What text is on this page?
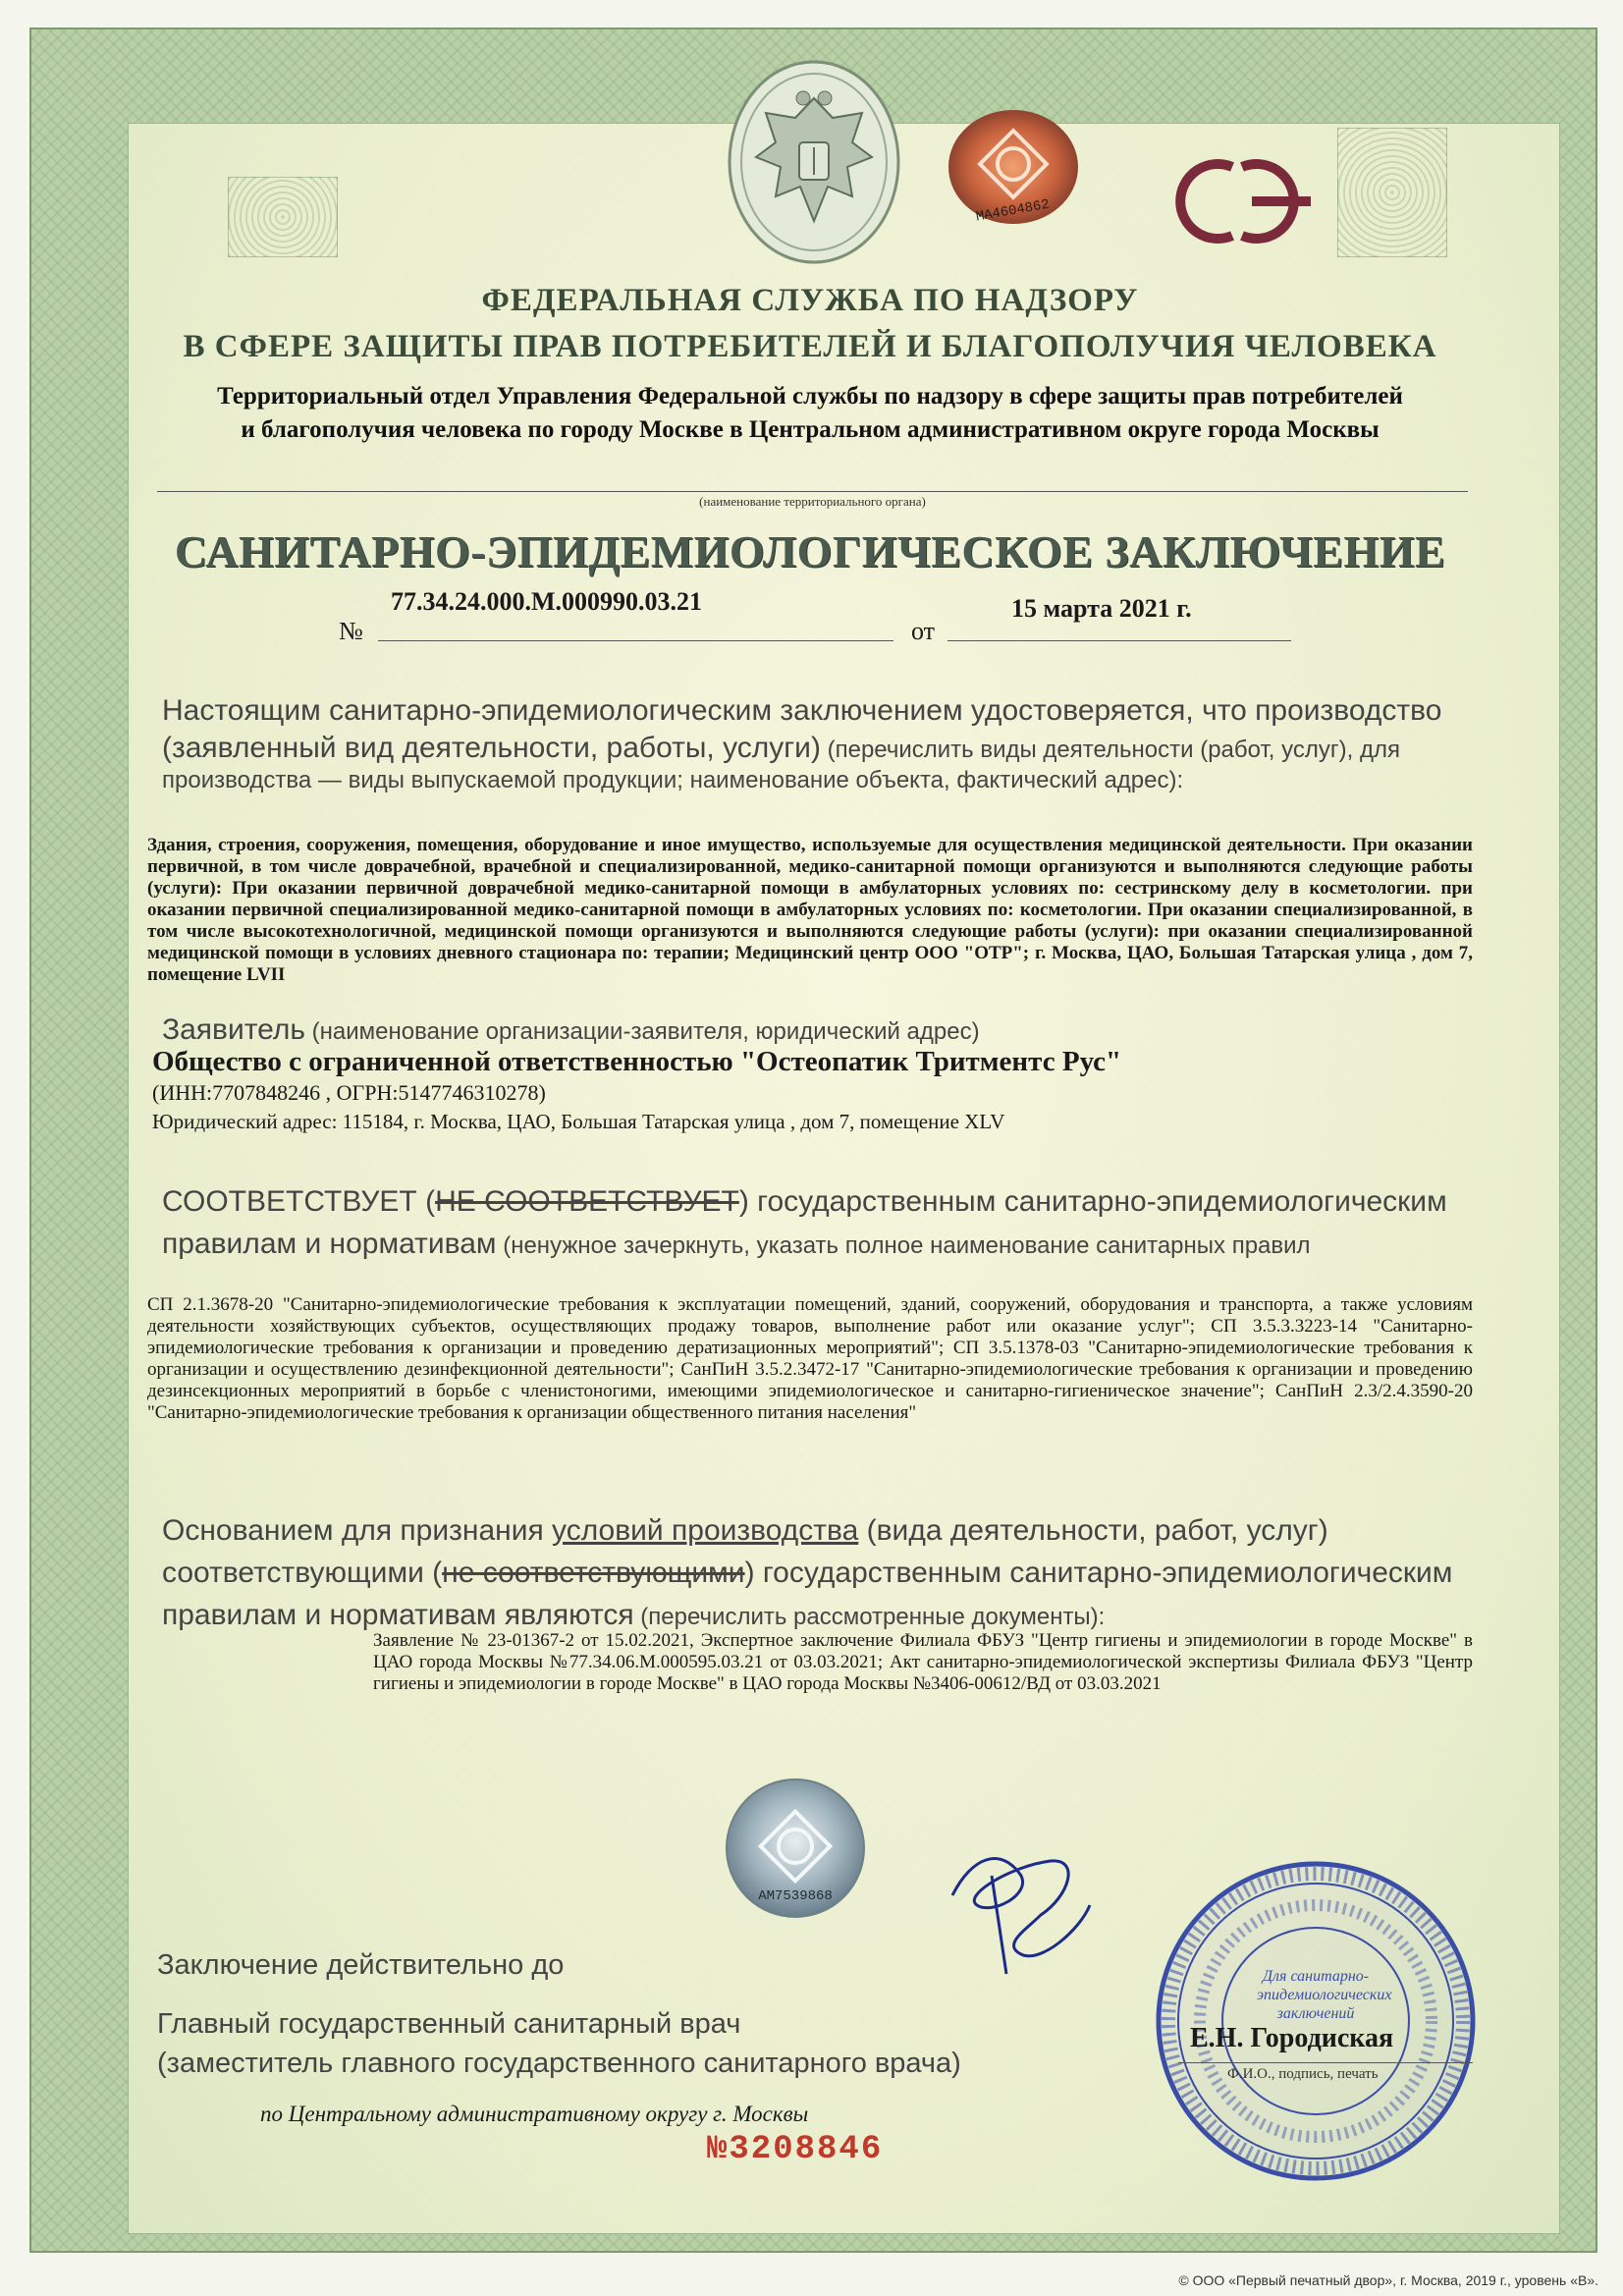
МА4604862
ФЕДЕРАЛЬНАЯ СЛУЖБА ПО НАДЗОРУ
В СФЕРЕ ЗАЩИТЫ ПРАВ ПОТРЕБИТЕЛЕЙ И БЛАГОПОЛУЧИЯ ЧЕЛОВЕКА
Территориальный отдел Управления Федеральной службы по надзору в сфере защиты прав потребителей
и благополучия человека по городу Москве в Центральном административном округе города Москвы
(наименование территориального органа)
САНИТАРНО-ЭПИДЕМИОЛОГИЧЕСКОЕ ЗАКЛЮЧЕНИЕ
№
77.34.24.000.М.000990.03.21
от
15 марта 2021 г.
Настоящим санитарно-эпидемиологическим заключением удостоверяется, что производство (заявленный вид деятельности, работы, услуги) (перечислить виды деятельности (работ, услуг), для производства — виды выпускаемой продукции; наименование объекта, фактический адрес):
Здания, строения, сооружения, помещения, оборудование и иное имущество, используемые для осуществления медицинской деятельности. При оказании первичной, в том числе доврачебной, врачебной и специализированной, медико-санитарной помощи организуются и выполняются следующие работы (услуги): При оказании первичной доврачебной медико-санитарной помощи в амбулаторных условиях по: сестринскому делу в косметологии. при оказании первичной специализированной медико-санитарной помощи в амбулаторных условиях по: косметологии. При оказании специализированной, в том числе высокотехнологичной, медицинской помощи организуются и выполняются следующие работы (услуги): при оказании специализированной медицинской помощи в условиях дневного стационара по: терапии; Медицинский центр ООО "ОТР"; г. Москва, ЦАО, Большая Татарская улица , дом 7, помещение LVII
Заявитель (наименование организации-заявителя, юридический адрес)
Общество с ограниченной ответственностью "Остеопатик Тритментс Рус"
(ИНН:7707848246 , ОГРН:5147746310278)
Юридический адрес: 115184, г. Москва, ЦАО, Большая Татарская улица , дом 7, помещение XLV
СООТВЕТСТВУЕТ (НЕ СООТВЕТСТВУЕТ) государственным санитарно-эпидемиологическим правилам и нормативам (ненужное зачеркнуть, указать полное наименование санитарных правил
СП 2.1.3678-20 "Санитарно-эпидемиологические требования к эксплуатации помещений, зданий, сооружений, оборудования и транспорта, а также условиям деятельности хозяйствующих субъектов, осуществляющих продажу товаров, выполнение работ или оказание услуг"; СП 3.5.3.3223-14 "Санитарно-эпидемиологические требования к организации и проведению дератизационных мероприятий"; СП 3.5.1378-03 "Санитарно-эпидемиологические требования к организации и осуществлению дезинфекционной деятельности"; СанПиН 3.5.2.3472-17 "Санитарно-эпидемиологические требования к организации и проведению дезинсекционных мероприятий в борьбе с членистоногими, имеющими эпидемиологическое и санитарно-гигиеническое значение"; СанПиН 2.3/2.4.3590-20 "Санитарно-эпидемиологические требования к организации общественного питания населения"
Основанием для признания условий производства (вида деятельности, работ, услуг) соответствующими (не соответствующими) государственным санитарно-эпидемиологическим правилам и нормативам являются (перечислить рассмотренные документы):
Заявление № 23-01367-2 от 15.02.2021, Экспертное заключение Филиала ФБУЗ "Центр гигиены и эпидемиологии в городе Москве" в ЦАО города Москвы №77.34.06.М.000595.03.21 от 03.03.2021; Акт санитарно-эпидемиологической экспертизы Филиала ФБУЗ "Центр гигиены и эпидемиологии в городе Москве" в ЦАО города Москвы №3406-00612/ВД от 03.03.2021
АМ7539868
Заключение действительно до
Главный государственный санитарный врач
(заместитель главного государственного санитарного врача)
по Центральному административному округу г. Москвы
№3208846
Для санитарно-эпидемиологических заключений
Е.Н. Городиская
Ф.И.О., подпись, печать
© ООО «Первый печатный двор», г. Москва, 2019 г., уровень «В».
